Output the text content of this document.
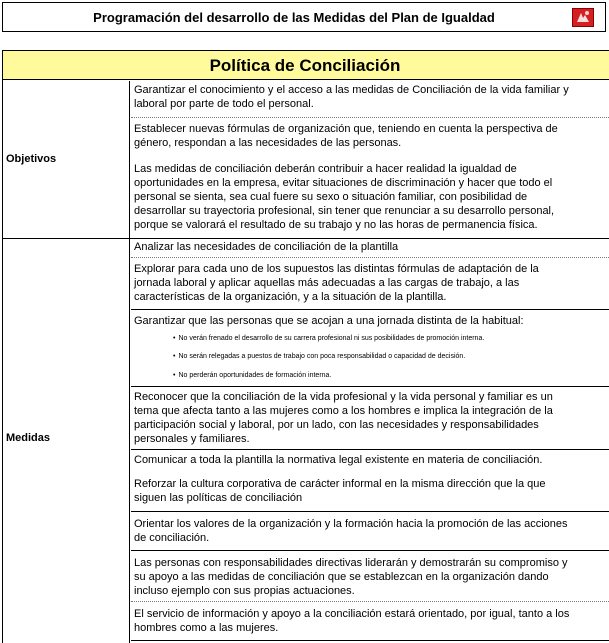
Programación del desarrollo de las Medidas del Plan de Igualdad
Política de Conciliación
Objetivos
Garantizar el conocimiento y el acceso a las medidas de Conciliación de la vida familiar y
laboral por parte de todo el personal.
Establecer nuevas fórmulas de organización que, teniendo en cuenta la perspectiva de
género, respondan a las necesidades de las personas.
Las medidas de conciliación deberán contribuir a hacer realidad la igualdad de
oportunidades en la empresa, evitar situaciones de discriminación y hacer que todo el
personal se sienta, sea cual fuere su sexo o situación familiar, con posibilidad de
desarrollar su trayectoria profesional, sin tener que renunciar a su desarrollo personal,
porque se valorará el resultado de su trabajo y no las horas de permanencia física.
Medidas
Analizar las necesidades de conciliación de la plantilla
Explorar para cada uno de los supuestos las distintas fórmulas de adaptación de la
jornada laboral y aplicar aquellas más adecuadas a las cargas de trabajo, a las
características de la organización, y a la situación de la plantilla.
Garantizar que las personas que se acojan a una jornada distinta de la habitual:
• No verán frenado el desarrollo de su carrera profesional ni sus posibilidades de promoción interna.
• No serán relegadas a puestos de trabajo con poca responsabilidad o capacidad de decisión.
• No perderán oportunidades de formación interna.
Reconocer que la conciliación de la vida profesional y la vida personal y familiar es un
tema que afecta tanto a las mujeres como a los hombres e implica la integración de la
participación social y laboral, por un lado, con las necesidades y responsabilidades
personales y familiares.
Comunicar a toda la plantilla la normativa legal existente en materia de conciliación.
Reforzar la cultura corporativa de carácter informal en la misma dirección que la que
siguen las políticas de conciliación
Orientar los valores de la organización y la formación hacia la promoción de las acciones
de conciliación.
Las personas con responsabilidades directivas liderarán y demostrarán su compromiso y
su apoyo a las medidas de conciliación que se establezcan en la organización dando
incluso ejemplo con sus propias actuaciones.
El servicio de información y apoyo a la conciliación estará orientado, por igual, tanto a los
hombres como a las mujeres.
